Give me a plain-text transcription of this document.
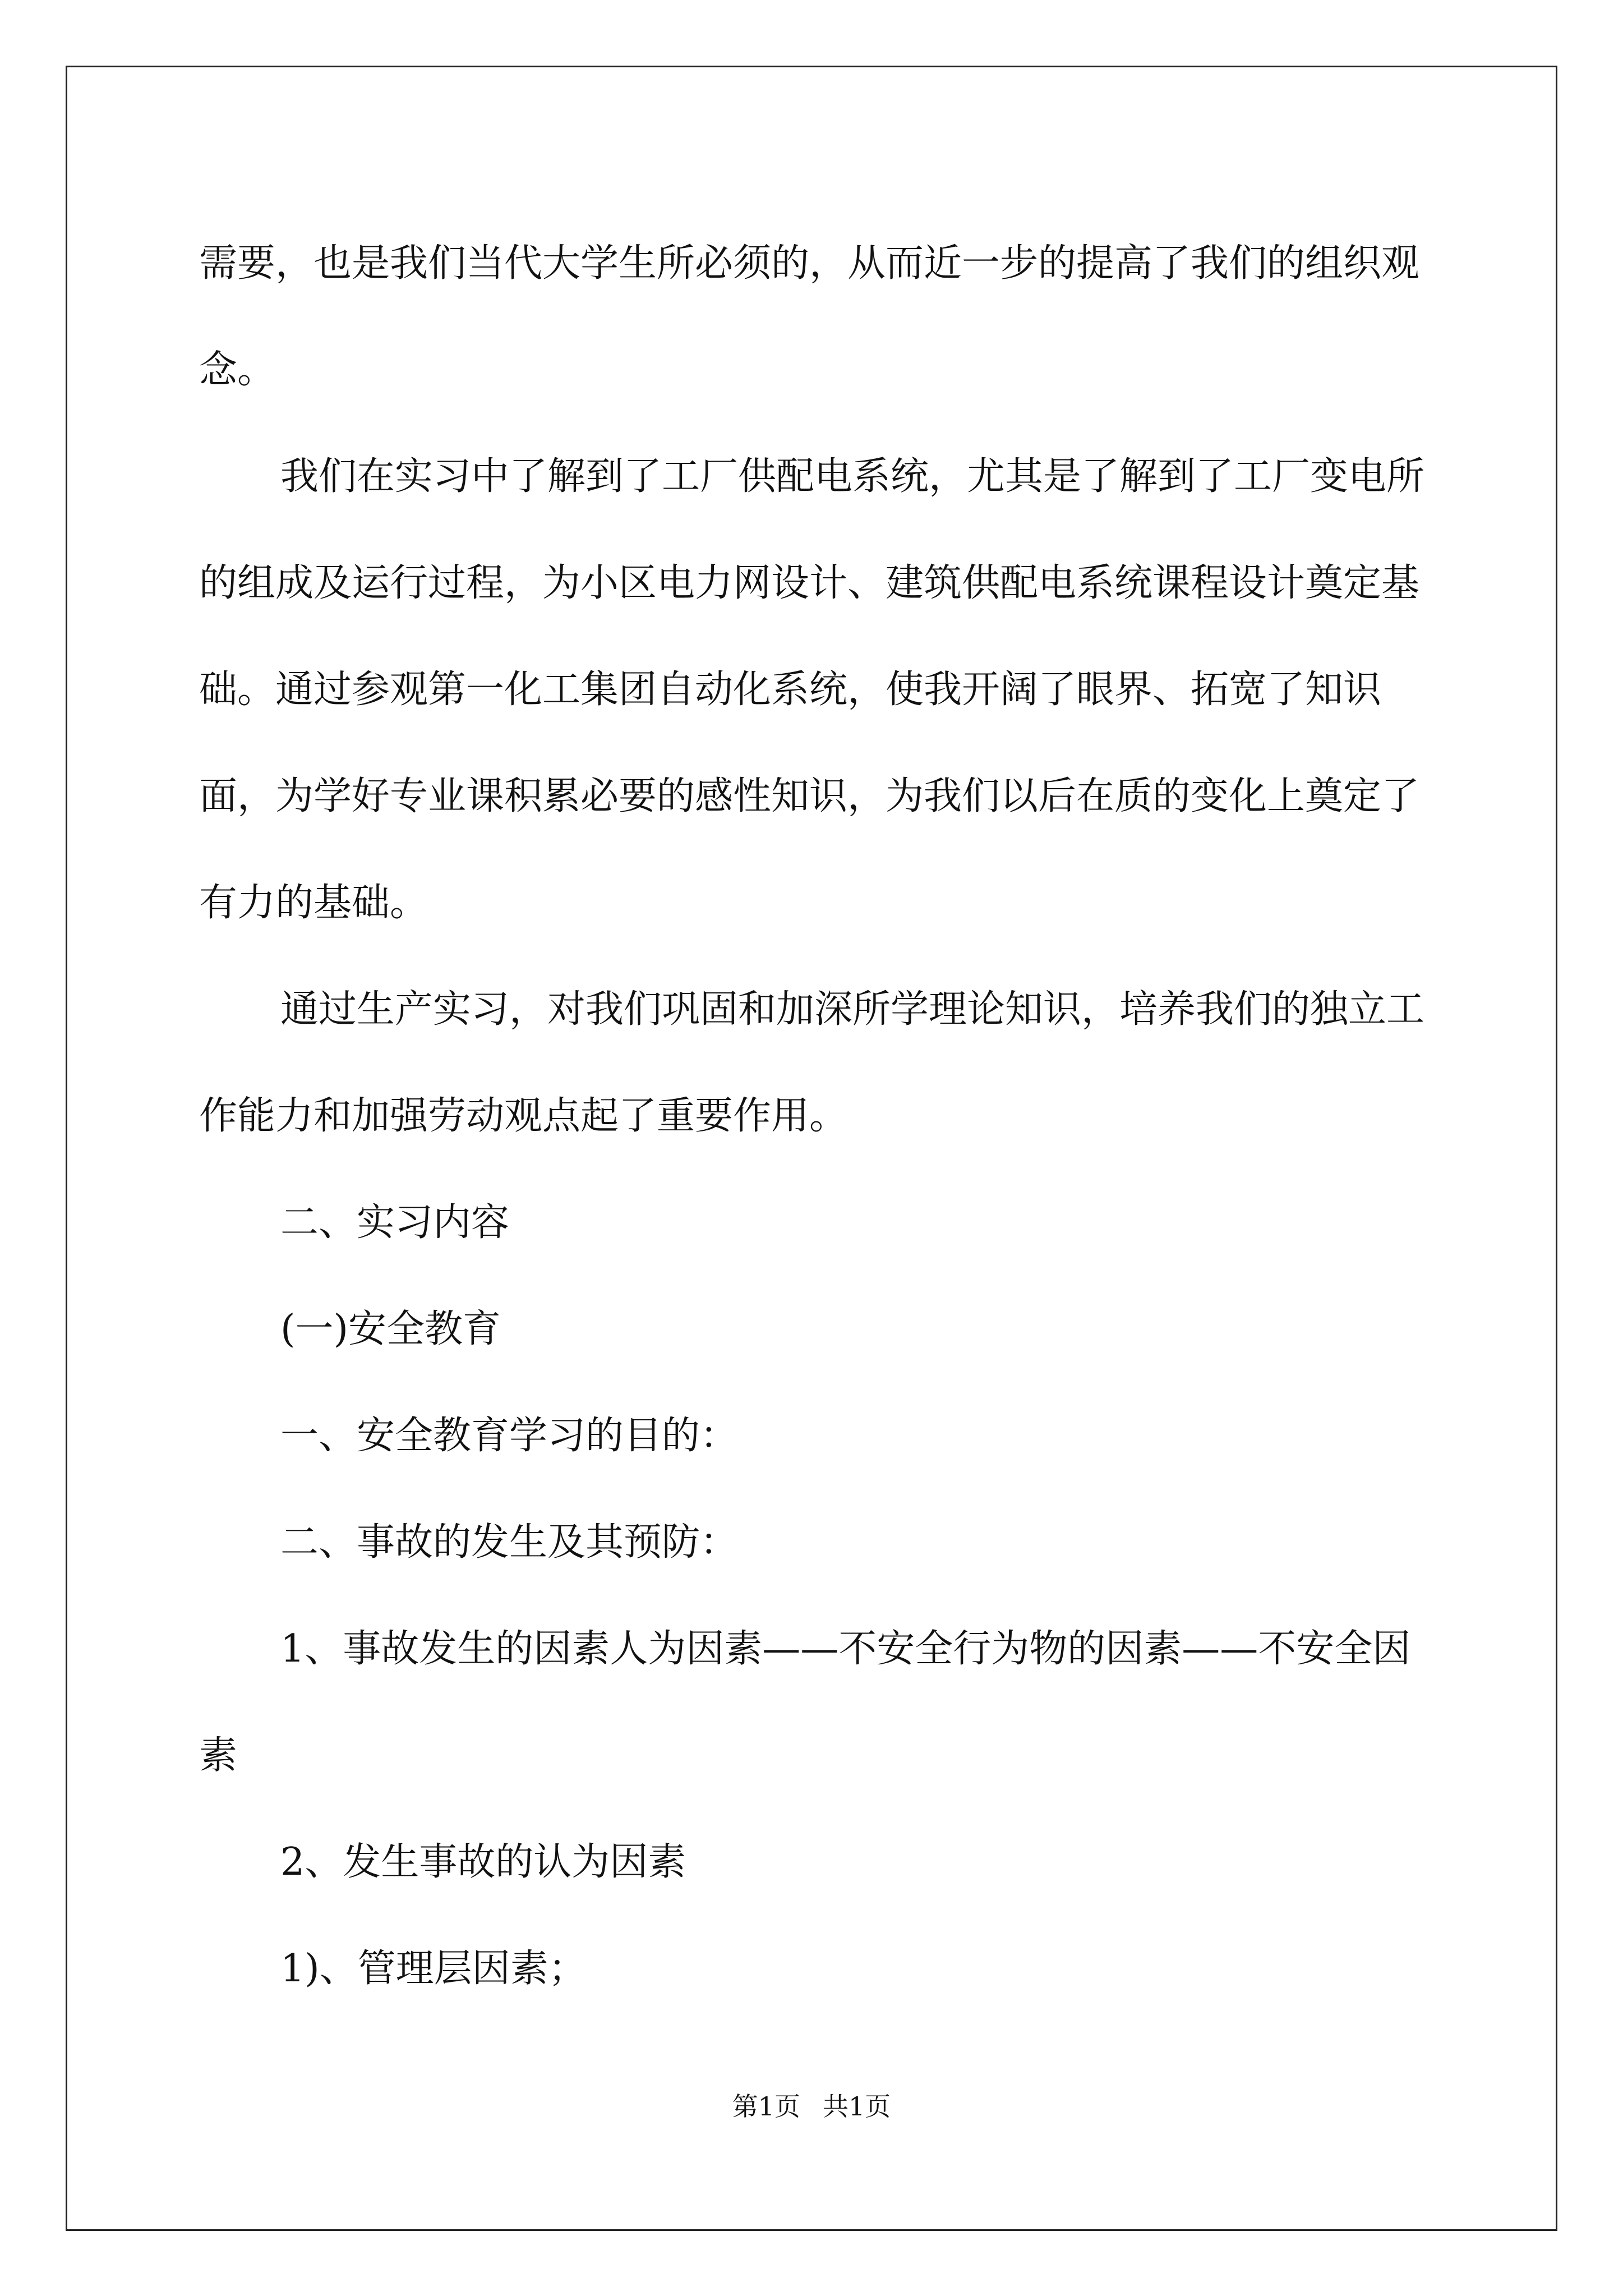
需要，也是我们当代大学生所必须的，从而近一步的提高了我们的组织观念。

我们在实习中了解到了工厂供配电系统，尤其是了解到了工厂变电所的组成及运行过程，为小区电力网设计、建筑供配电系统课程设计奠定基础。通过参观第一化工集团自动化系统，使我开阔了眼界、拓宽了知识面，为学好专业课积累必要的感性知识，为我们以后在质的变化上奠定了有力的基础。

通过生产实习，对我们巩固和加深所学理论知识，培养我们的独立工作能力和加强劳动观点起了重要作用。

二、实习内容

(一)安全教育

一、安全教育学习的目的：

二、事故的发生及其预防：

1、事故发生的因素人为因素——不安全行为物的因素——不安全因素

2、发生事故的认为因素

1)、管理层因素；

第1页 共1页
